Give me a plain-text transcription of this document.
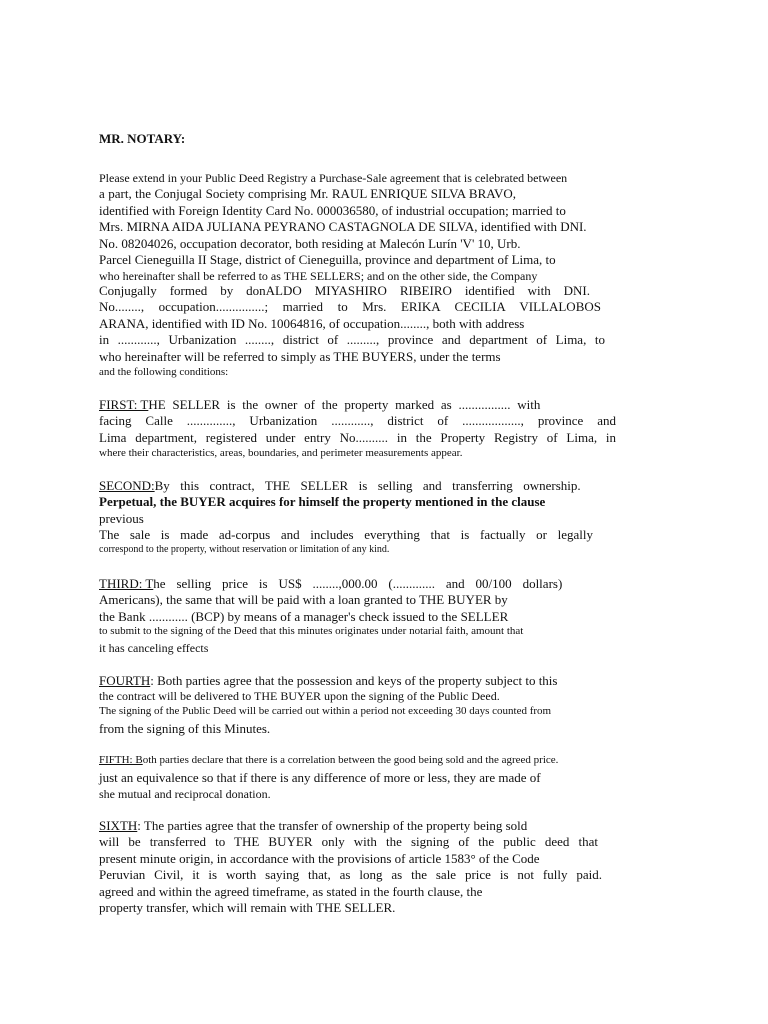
MR. NOTARY:
Please extend in your Public Deed Registry a Purchase-Sale agreement that is celebrated between
a part, the Conjugal Society comprising Mr. RAUL ENRIQUE SILVA BRAVO,
identified with Foreign Identity Card No. 000036580, of industrial occupation; married to
Mrs. MIRNA AIDA JULIANA PEYRANO CASTAGNOLA DE SILVA, identified with DNI.
No. 08204026, occupation decorator, both residing at Malecón Lurín 'V' 10, Urb.
Parcel Cieneguilla II Stage, district of Cieneguilla, province and department of Lima, to
who hereinafter shall be referred to as THE SELLERS; and on the other side, the Company
Conjugally formed by donALDO MIYASHIRO RIBEIRO identified with DNI.
No........, occupation...............; married to Mrs. ERIKA CECILIA VILLALOBOS
ARANA, identified with ID No. 10064816, of occupation........, both with address
in ............, Urbanization ........, district of ........., province and department of Lima, to
who hereinafter will be referred to simply as THE BUYERS, under the terms
and the following conditions:
FIRST: THE SELLER is the owner of the property marked as ................ with
facing Calle .............., Urbanization ............, district of .................., province and
Lima department, registered under entry No.......... in the Property Registry of Lima, in
where their characteristics, areas, boundaries, and perimeter measurements appear.
SECOND:By this contract, THE SELLER is selling and transferring ownership.
Perpetual, the BUYER acquires for himself the property mentioned in the clause
previous
The sale is made ad-corpus and includes everything that is factually or legally
correspond to the property, without reservation or limitation of any kind.
THIRD: The selling price is US$ ........,000.00 (............. and 00/100 dollars)
Americans), the same that will be paid with a loan granted to THE BUYER by
the Bank ............ (BCP) by means of a manager's check issued to the SELLER
to submit to the signing of the Deed that this minutes originates under notarial faith, amount that
it has canceling effects
FOURTH: Both parties agree that the possession and keys of the property subject to this
the contract will be delivered to THE BUYER upon the signing of the Public Deed.
The signing of the Public Deed will be carried out within a period not exceeding 30 days counted from
from the signing of this Minutes.
FIFTH: Both parties declare that there is a correlation between the good being sold and the agreed price.
just an equivalence so that if there is any difference of more or less, they are made of
she mutual and reciprocal donation.
SIXTH: The parties agree that the transfer of ownership of the property being sold
will be transferred to THE BUYER only with the signing of the public deed that
present minute origin, in accordance with the provisions of article 1583° of the Code
Peruvian Civil, it is worth saying that, as long as the sale price is not fully paid.
agreed and within the agreed timeframe, as stated in the fourth clause, the
property transfer, which will remain with THE SELLER.
